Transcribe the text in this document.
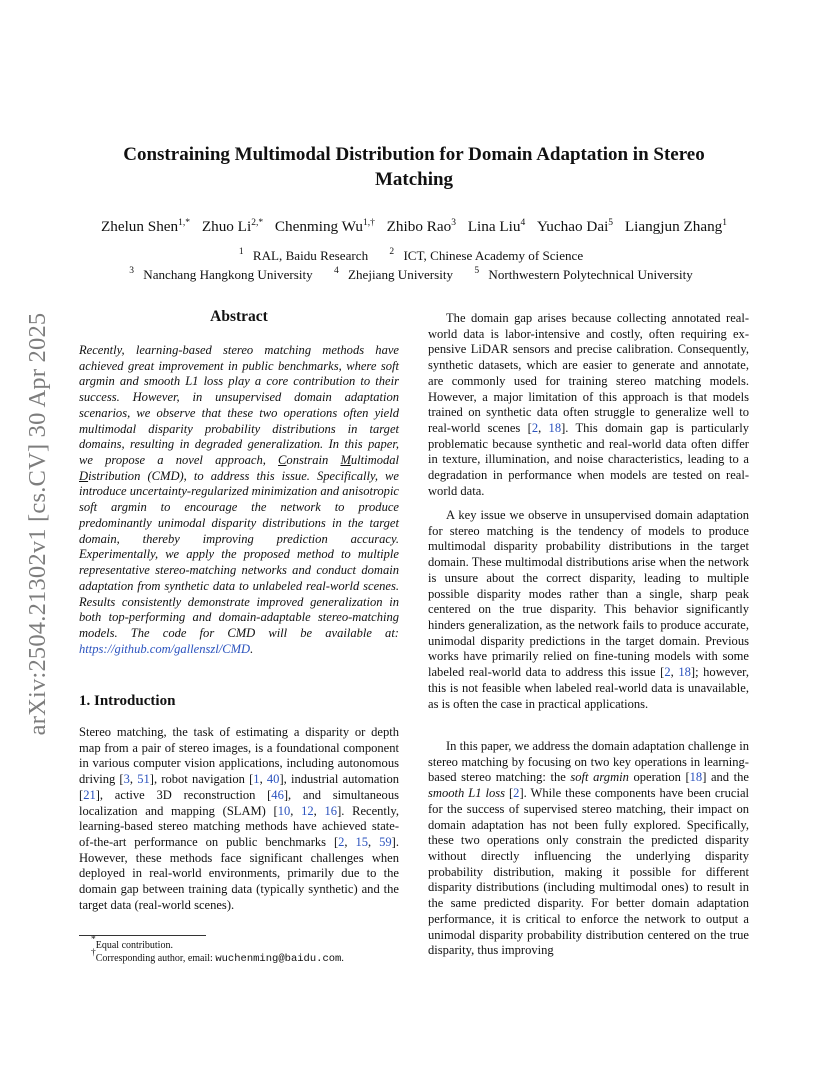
arXiv:2504.21302v1 [cs.CV] 30 Apr 2025
Constraining Multimodal Distribution for Domain Adaptation in Stereo Matching
Zhelun Shen$^{1,*}$ Zhuo $Li^{2,*}$ Chenming $Wu^{1,\dagger}$ Zhibo Rao$^3$ Lina Liu$^4$ Yuchao Dai$^5$ Liangjun Zhang$^1$
$^1$ RAL, Baidu Research $^2$ ICT, Chinese Academy of Science
$^3$ Nanchang Hangkong University $^4$ Zhejiang University $^5$ Northwestern Polytechnical University
Abstract
Recently, learning-based stereo matching methods have achieved great improvement in public benchmarks, where soft argmin and smooth L1 loss play a core contribution to their success. However, in unsupervised domain adaptation scenarios, we observe that these two operations often yield multimodal disparity probability distributions in target domains, resulting in degraded generalization. In this paper, we propose a novel approach, Constrain Multimodal Distribution (CMD), to address this issue. Specifically, we introduce uncertainty-regularized minimization and anisotropic soft argmin to encourage the network to produce predominantly unimodal disparity distributions in the target domain, thereby improving prediction accuracy. Experimentally, we apply the proposed method to multiple representative stereo-matching networks and conduct domain adaptation from synthetic data to unlabeled real-world scenes. Results consistently demonstrate improved generalization in both top-performing and domain-adaptable stereo-matching models. The code for CMD will be available at: https://github.com/gallenszl/CMD.
1. Introduction
Stereo matching, the task of estimating a disparity or depth map from a pair of stereo images, is a foundational component in various computer vision applications, including autonomous driving [3, 51], robot navigation [1, 40], industrial automation [21], active 3D reconstruction [46], and simultaneous localization and mapping (SLAM) [10, 12, 16]. Recently, learning-based stereo matching methods have achieved state-of-the-art performance on public benchmarks [2, 15, 59]. However, these methods face significant challenges when deployed in real-world environments, primarily due to the domain gap between training data (typically synthetic) and the target data (real-world scenes).
*Equal contribution.
†Corresponding author, email: wuchenming@baidu.com.
The domain gap arises because collecting annotated real-world data is labor-intensive and costly, often requiring expensive LiDAR sensors and precise calibration. Consequently, synthetic datasets, which are easier to generate and annotate, are commonly used for training stereo matching models. However, a major limitation of this approach is that models trained on synthetic data often struggle to generalize well to real-world scenes [2, 18]. This domain gap is particularly problematic because synthetic and real-world data often differ in texture, illumination, and noise characteristics, leading to a degradation in performance when models are tested on real-world data.
A key issue we observe in unsupervised domain adaptation for stereo matching is the tendency of models to produce multimodal disparity probability distributions in the target domain. These multimodal distributions arise when the network is unsure about the correct disparity, leading to multiple possible disparity modes rather than a single, sharp peak centered on the true disparity. This behavior significantly hinders generalization, as the network fails to produce accurate, unimodal disparity predictions in the target domain. Previous works have primarily relied on fine-tuning models with some labeled real-world data to address this issue [2, 18]; however, this is not feasible when labeled real-world data is unavailable, as is often the case in practical applications.
In this paper, we address the domain adaptation challenge in stereo matching by focusing on two key operations in learning-based stereo matching: the soft argmin operation [18] and the smooth L1 loss [2]. While these components have been crucial for the success of supervised stereo matching, their impact on domain adaptation has not been fully explored. Specifically, these two operations only constrain the predicted disparity without directly influencing the underlying disparity probability distribution, making it possible for different disparity distributions (including multimodal ones) to result in the same predicted disparity. For better domain adaptation performance, it is critical to enforce the network to output a unimodal disparity probability distribution centered on the true disparity, thus improving
